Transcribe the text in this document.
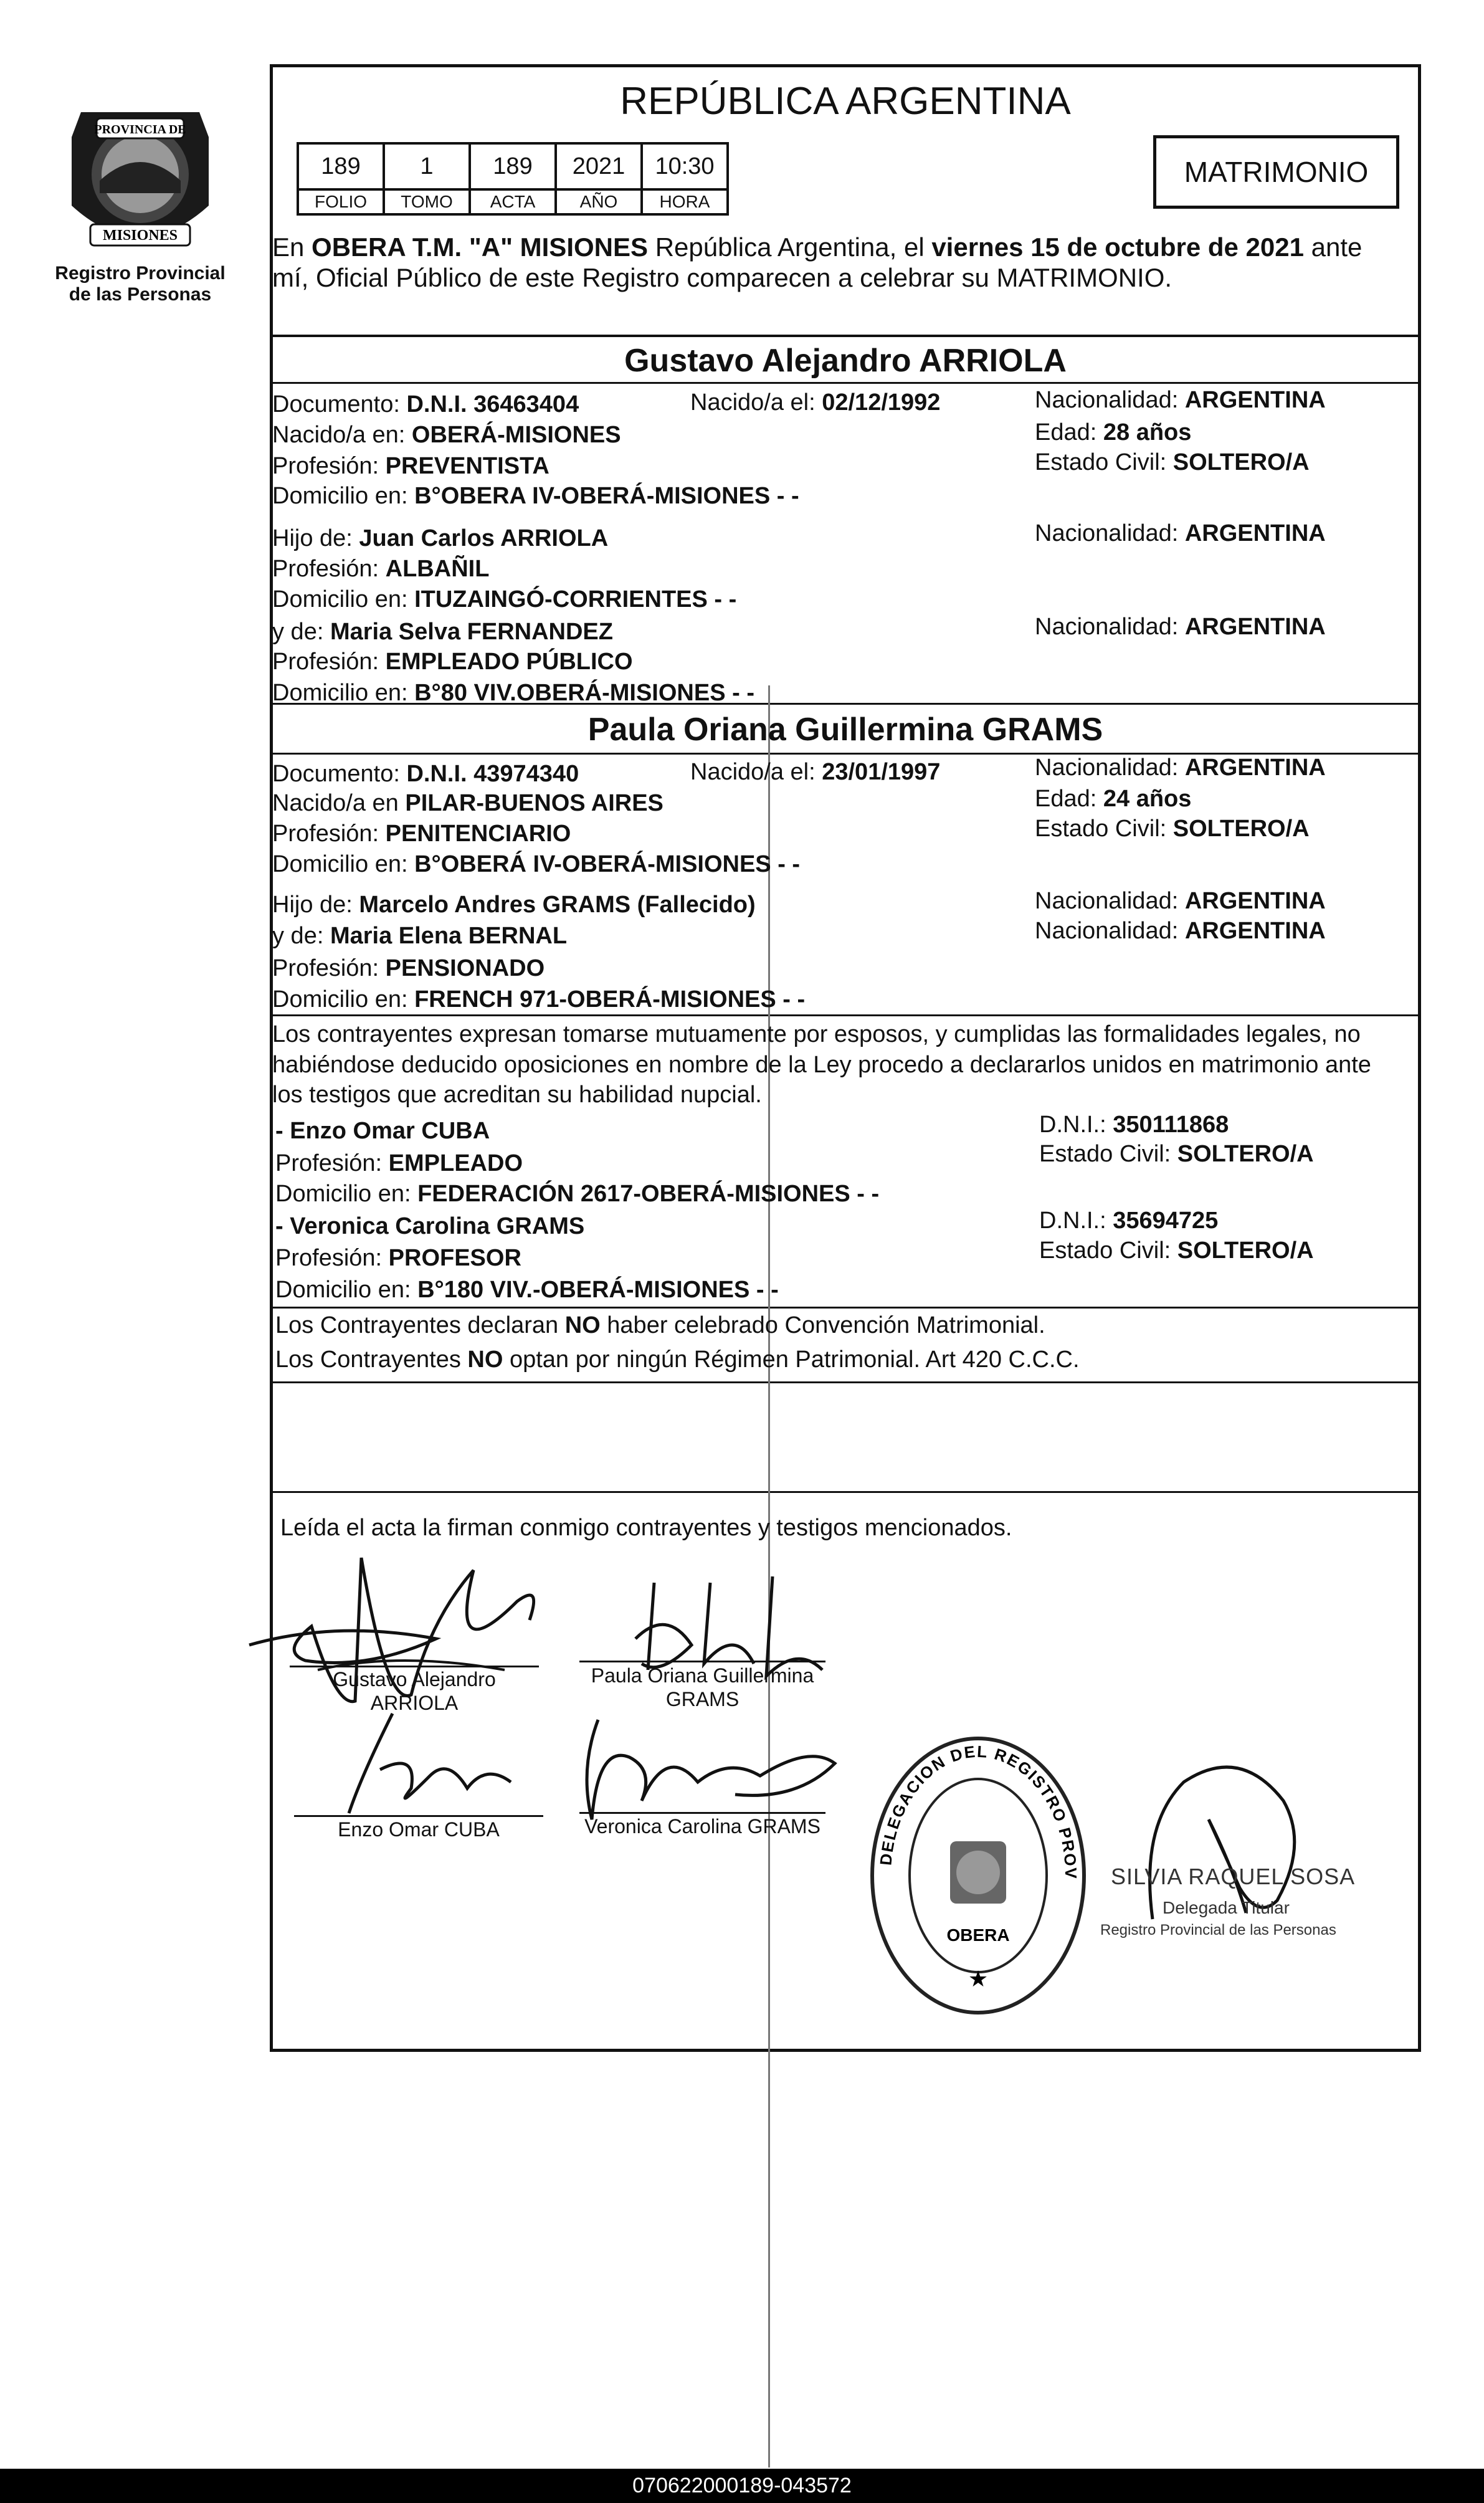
PROVINCIA DE
MISIONES
Registro Provincial
de las Personas
REPÚBLICA ARGENTINA
189	1	189	2021	10:30
FOLIO	TOMO	ACTA	AÑO	HORA
MATRIMONIO
En OBERA T.M. "A" MISIONES República Argentina, el viernes 15 de octubre de 2021 ante
mí, Oficial Público de este Registro comparecen a celebrar su MATRIMONIO.
Gustavo Alejandro ARRIOLA
Documento: D.N.I. 36463404	Nacido/a el: 02/12/1992	Nacionalidad: ARGENTINA
Nacido/a en: OBERÁ-MISIONES	Edad: 28 años
Profesión: PREVENTISTA	Estado Civil: SOLTERO/A
Domicilio en: B°OBERA IV-OBERÁ-MISIONES - -
Hijo de: Juan Carlos ARRIOLA	Nacionalidad: ARGENTINA
Profesión: ALBAÑIL
Domicilio en: ITUZAINGÓ-CORRIENTES - -
y de: Maria Selva FERNANDEZ	Nacionalidad: ARGENTINA
Profesión: EMPLEADO PÚBLICO
Domicilio en: B°80 VIV.OBERÁ-MISIONES - -
Paula Oriana Guillermina GRAMS
Documento: D.N.I. 43974340	Nacido/a el: 23/01/1997	Nacionalidad: ARGENTINA
Nacido/a en PILAR-BUENOS AIRES	Edad: 24 años
Profesión: PENITENCIARIO	Estado Civil: SOLTERO/A
Domicilio en: B°OBERÁ IV-OBERÁ-MISIONES - -
Hijo de: Marcelo Andres GRAMS (Fallecido)	Nacionalidad: ARGENTINA
y de: Maria Elena BERNAL	Nacionalidad: ARGENTINA
Profesión: PENSIONADO
Domicilio en: FRENCH 971-OBERÁ-MISIONES - -
Los contrayentes expresan tomarse mutuamente por esposos, y cumplidas las formalidades legales, no
habiéndose deducido oposiciones en nombre de la Ley procedo a declararlos unidos en matrimonio ante
los testigos que acreditan su habilidad nupcial.
- Enzo Omar CUBA	D.N.I.: 350111868
Profesión: EMPLEADO	Estado Civil: SOLTERO/A
Domicilio en: FEDERACIÓN 2617-OBERÁ-MISIONES - -
- Veronica Carolina GRAMS	D.N.I.: 35694725
Profesión: PROFESOR	Estado Civil: SOLTERO/A
Domicilio en: B°180 VIV.-OBERÁ-MISIONES - -
Los Contrayentes declaran NO haber celebrado Convención Matrimonial.
Los Contrayentes NO optan por ningún Régimen Patrimonial. Art 420 C.C.C.
Leída el acta la firman conmigo contrayentes y testigos mencionados.
Gustavo Alejandro
ARRIOLA
Paula Oriana Guillermina
GRAMS
Enzo Omar CUBA	Veronica Carolina GRAMS
OBERA
★
DELEGACION DEL REGISTRO PROVINCIAL DE LAS PERSONAS
SILVIA RAQUEL SOSA
Delegada Titular
Registro Provincial de las Personas
070622000189-043572
